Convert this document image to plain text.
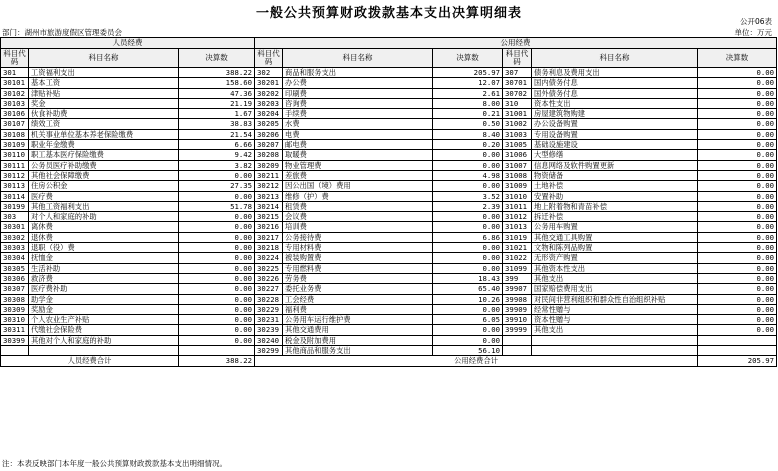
一般公共预算财政拨款基本支出决算明细表
公开06表
部门：湖州市旅游度假区管理委员会	单位：万元
人员经费			公用经费					
科目代码	科目名称	决算数	科目代码	科目名称	决算数	科目代码	科目名称	决算数
301	工资福利支出	388.22	302	商品和服务支出	205.97	307	债务利息及费用支出	0.00
30101	基本工资	158.60	30201	办公费	12.07	30701	国内债务付息	0.00
30102	津贴补贴	47.36	30202	印刷费	2.61	30702	国外债务付息	0.00
30103	奖金	21.19	30203	咨询费	8.00	310	资本性支出	0.00
30106	伙食补助费	1.67	30204	手续费	0.21	31001	房屋建筑物购建	0.00
30107	绩效工资	38.83	30205	水费	0.50	31002	办公设备购置	0.00
30108	机关事业单位基本养老保险缴费	21.54	30206	电费	8.40	31003	专用设备购置	0.00
30109	职业年金缴费	6.66	30207	邮电费	0.20	31005	基础设施建设	0.00
30110	职工基本医疗保险缴费	9.42	30208	取暖费	0.00	31006	大型修缮	0.00
30111	公务员医疗补助缴费	3.82	30209	物业管理费	0.00	31007	信息网络及软件购置更新	0.00
30112	其他社会保障缴费	0.00	30211	差旅费	4.98	31008	物资储备	0.00
30113	住房公积金	27.35	30212	因公出国（境）费用	0.00	31009	土地补偿	0.00
30114	医疗费	0.00	30213	维修（护）费	3.52	31010	安置补助	0.00
30199	其他工资福利支出	51.78	30214	租赁费	2.39	31011	地上附着物和青苗补偿	0.00
303	对个人和家庭的补助	0.00	30215	会议费	0.00	31012	拆迁补偿	0.00
30301	离休费	0.00	30216	培训费	0.00	31013	公务用车购置	0.00
30302	退休费	0.00	30217	公务接待费	6.86	31019	其他交通工具购置	0.00
30303	退职（役）费	0.00	30218	专用材料费	0.00	31021	文物和陈列品购置	0.00
30304	抚恤金	0.00	30224	被装购置费	0.00	31022	无形资产购置	0.00
30305	生活补助	0.00	30225	专用燃料费	0.00	31099	其他资本性支出	0.00
30306	救济费	0.00	30226	劳务费	18.43	399	其他支出	0.00
30307	医疗费补助	0.00	30227	委托业务费	65.40	39907	国家赔偿费用支出	0.00
30308	助学金	0.00	30228	工会经费	10.26	39908	对民间非营利组织和群众性自治组织补贴	0.00
30309	奖励金	0.00	30229	福利费	0.00	39909	经常性赠与	0.00
30310	个人农业生产补贴	0.00	30231	公务用车运行维护费	6.05	39910	资本性赠与	0.00
30311	代缴社会保险费	0.00	30239	其他交通费用	0.00	39999	其他支出	0.00
30399	其他对个人和家庭的补助	0.00	30240	税金及附加费用	0.00			
			30299	其他商品和服务支出	56.10			
人员经费合计		388.22	公用经费合计					205.97
注：本表反映部门本年度一般公共预算财政拨款基本支出明细情况。
